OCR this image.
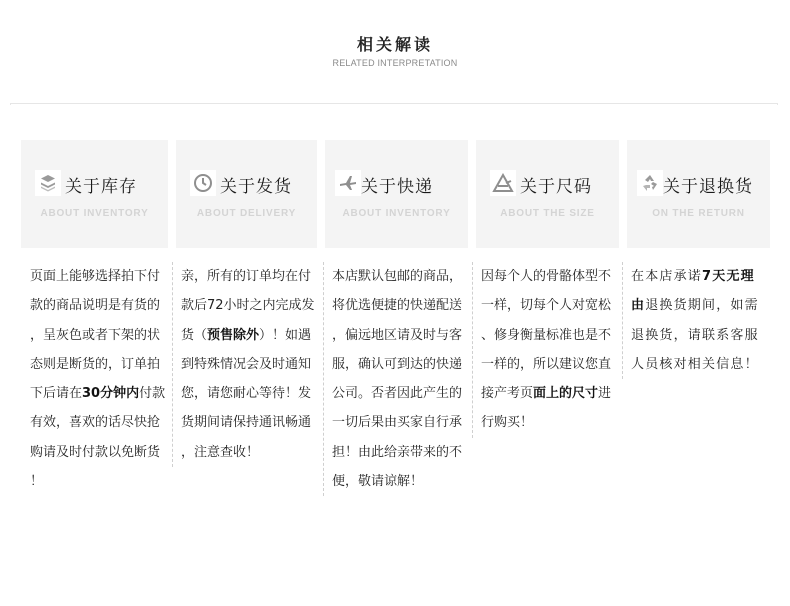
相关解读
RELATED INTERPRETATION
关于库存
ABOUT INVENTORY
关于发货
ABOUT DELIVERY
关于快递
ABOUT INVENTORY
关于尺码
ABOUT THE SIZE
关于退换货
ON THE RETURN
页面上能够选择拍下付
款的商品说明是有货的
，呈灰色或者下架的状
态则是断货的，订单拍
下后请在30分钟内付款
有效，喜欢的话尽快抢
购请及时付款以免断货
！
亲，所有的订单均在付
款后72小时之内完成发
货（预售除外）！如遇
到特殊情况会及时通知
您，请您耐心等待！发
货期间请保持通讯畅通
，注意查收！
本店默认包邮的商品，
将优选便捷的快递配送
，偏远地区请及时与客
服，确认可到达的快递
公司。否者因此产生的
一切后果由买家自行承
担！由此给亲带来的不
便，敬请谅解！
因每个人的骨骼体型不
一样，切每个人对宽松
、修身衡量标准也是不
一样的，所以建议您直
接产考页面上的尺寸进
行购买！
在本店承诺7天无理
由退换货期间，如需
退换货，请联系客服
人员核对相关信息！
